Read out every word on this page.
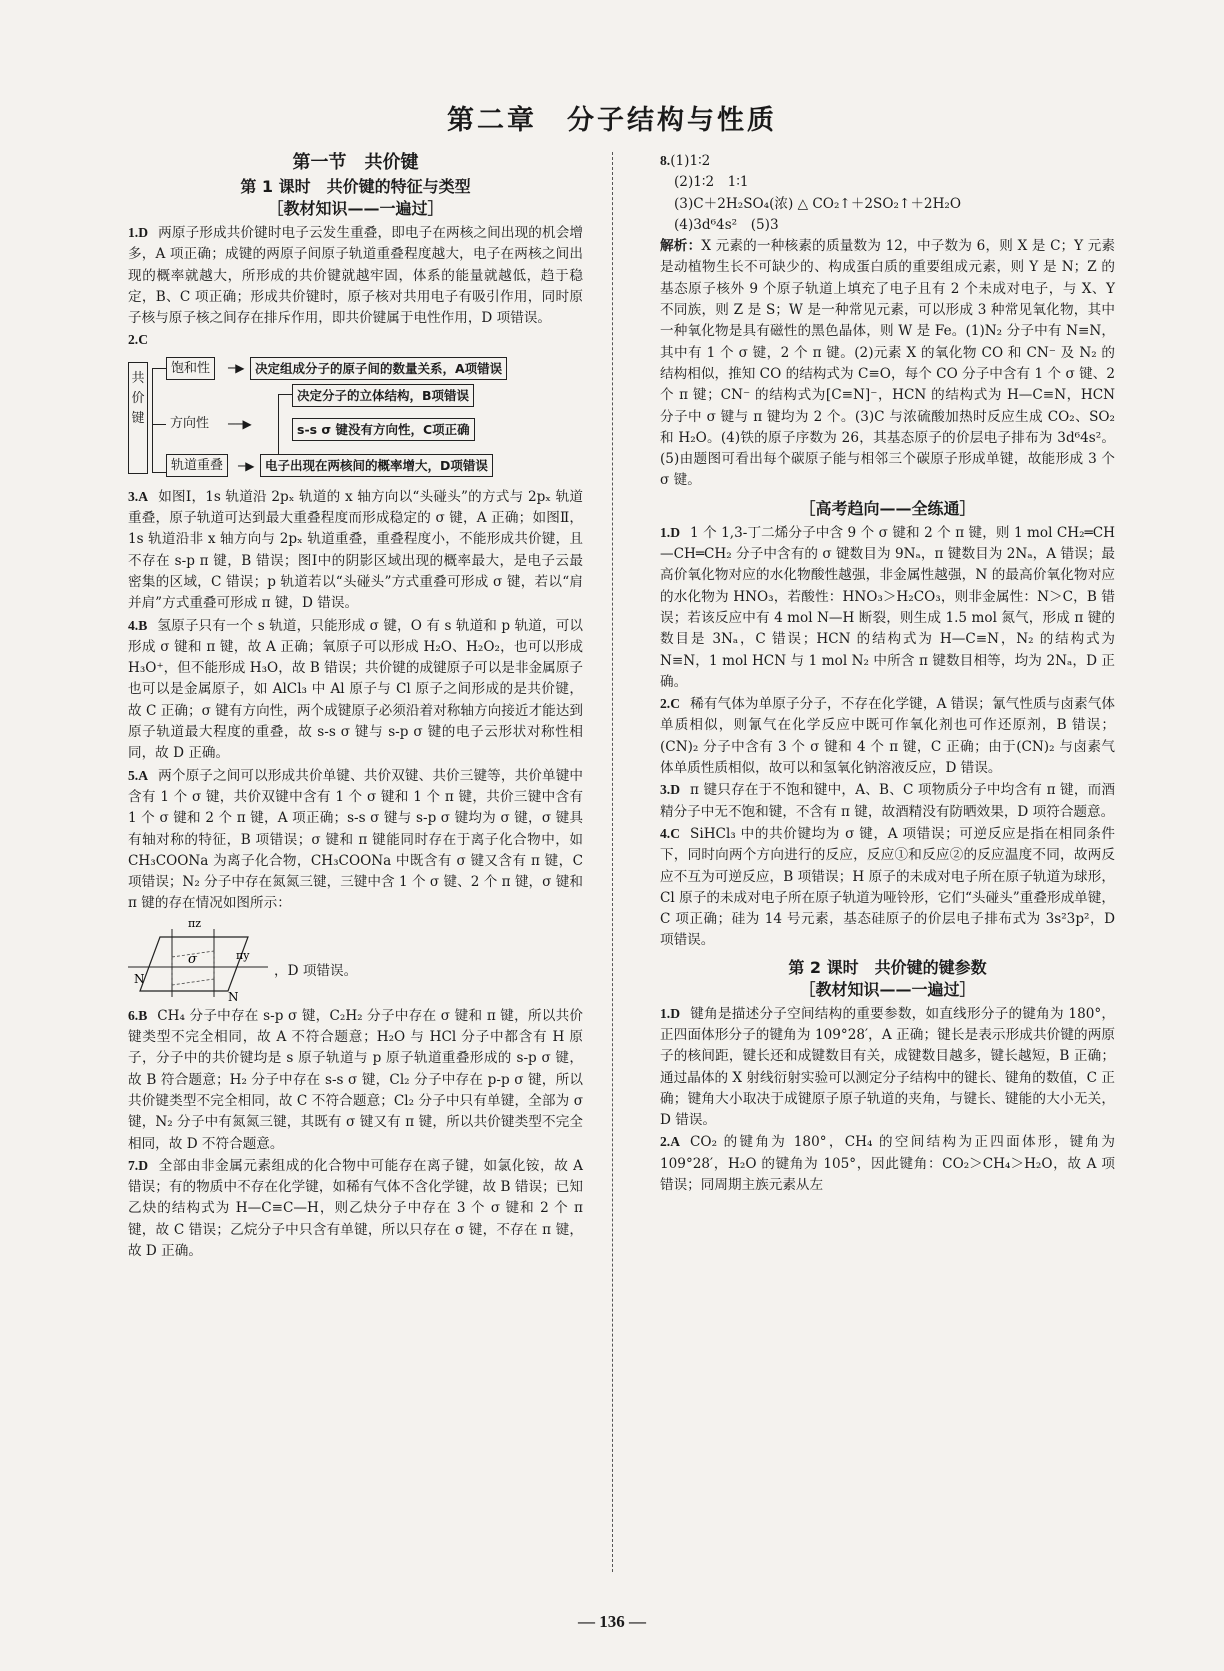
第二章　分子结构与性质
第一节　共价键
第 1 课时　共价键的特征与类型
［教材知识——一遍过］
1.D 两原子形成共价键时电子云发生重叠，即电子在两核之间出现的机会增多，A 项正确；成键的两原子间原子轨道重叠程度越大，电子在两核之间出现的概率就越大，所形成的共价键就越牢固，体系的能量就越低，趋于稳定，B、C 项正确；形成共价键时，原子核对共用电子有吸引作用，同时原子核与原子核之间存在排斥作用，即共价键属于电性作用，D 项错误。
2.C
共价键
饱和性	─▶ 决定组成分子的原子间的数量关系，A项错误
方向性	──▶
决定分子的立体结构，B项错误
s-s σ 键没有方向性，C项正确
轨道重叠	─▶ 电子出现在两核间的概率增大，D项错误
3.A 如图Ⅰ，1s 轨道沿 2pₓ 轨道的 x 轴方向以“头碰头”的方式与 2pₓ 轨道重叠，原子轨道可达到最大重叠程度而形成稳定的 σ 键，A 正确；如图Ⅱ，1s 轨道沿非 x 轴方向与 2pₓ 轨道重叠，重叠程度小，不能形成共价键，且不存在 s-p π 键，B 错误；图Ⅰ中的阴影区域出现的概率最大，是电子云最密集的区域，C 错误；p 轨道若以“头碰头”方式重叠可形成 σ 键，若以“肩并肩”方式重叠可形成 π 键，D 错误。
4.B 氢原子只有一个 s 轨道，只能形成 σ 键，O 有 s 轨道和 p 轨道，可以形成 σ 键和 π 键，故 A 正确；氧原子可以形成 H₂O、H₂O₂，也可以形成 H₃O⁺，但不能形成 H₃O，故 B 错误；共价键的成键原子可以是非金属原子也可以是金属原子，如 AlCl₃ 中 Al 原子与 Cl 原子之间形成的是共价键，故 C 正确；σ 键有方向性，两个成键原子必须沿着对称轴方向接近才能达到原子轨道最大程度的重叠，故 s-s σ 键与 s-p σ 键的电子云形状对称性相同，故 D 正确。
5.A 两个原子之间可以形成共价单键、共价双键、共价三键等，共价单键中含有 1 个 σ 键，共价双键中含有 1 个 σ 键和 1 个 π 键，共价三键中含有 1 个 σ 键和 2 个 π 键，A 项正确；s-s σ 键与 s-p σ 键均为 σ 键，σ 键具有轴对称的特征，B 项错误；σ 键和 π 键能同时存在于离子化合物中，如 CH₃COONa 为离子化合物，CH₃COONa 中既含有 σ 键又含有 π 键，C 项错误；N₂ 分子中存在氮氮三键，三键中含 1 个 σ 键、2 个 π 键，σ 键和 π 键的存在情况如图所示：
πz
σ	πy
N
N
，D 项错误。
6.B CH₄ 分子中存在 s-p σ 键，C₂H₂ 分子中存在 σ 键和 π 键，所以共价键类型不完全相同，故 A 不符合题意；H₂O 与 HCl 分子中都含有 H 原子，分子中的共价键均是 s 原子轨道与 p 原子轨道重叠形成的 s-p σ 键，故 B 符合题意；H₂ 分子中存在 s-s σ 键，Cl₂ 分子中存在 p-p σ 键，所以共价键类型不完全相同，故 C 不符合题意；Cl₂ 分子中只有单键，全部为 σ 键，N₂ 分子中有氮氮三键，其既有 σ 键又有 π 键，所以共价键类型不完全相同，故 D 不符合题意。
7.D 全部由非金属元素组成的化合物中可能存在离子键，如氯化铵，故 A 错误；有的物质中不存在化学键，如稀有气体不含化学键，故 B 错误；已知乙炔的结构式为 H—C≡C—H，则乙炔分子中存在 3 个 σ 键和 2 个 π 键，故 C 错误；乙烷分子中只含有单键，所以只存在 σ 键，不存在 π 键，故 D 正确。
8.(1)1∶2
(2)1∶2　1∶1
(3)C＋2H₂SO₄(浓) △ CO₂↑＋2SO₂↑＋2H₂O
(4)3d⁶4s²　(5)3
解析：X 元素的一种核素的质量数为 12，中子数为 6，则 X 是 C；Y 元素是动植物生长不可缺少的、构成蛋白质的重要组成元素，则 Y 是 N；Z 的基态原子核外 9 个原子轨道上填充了电子且有 2 个未成对电子，与 X、Y 不同族，则 Z 是 S；W 是一种常见元素，可以形成 3 种常见氧化物，其中一种氧化物是具有磁性的黑色晶体，则 W 是 Fe。(1)N₂ 分子中有 N≡N，其中有 1 个 σ 键，2 个 π 键。(2)元素 X 的氧化物 CO 和 CN⁻ 及 N₂ 的结构相似，推知 CO 的结构式为 C≡O，每个 CO 分子中含有 1 个 σ 键、2 个 π 键；CN⁻ 的结构式为[C≡N]⁻，HCN 的结构式为 H—C≡N，HCN 分子中 σ 键与 π 键均为 2 个。(3)C 与浓硫酸加热时反应生成 CO₂、SO₂ 和 H₂O。(4)铁的原子序数为 26，其基态原子的价层电子排布为 3d⁶4s²。(5)由题图可看出每个碳原子能与相邻三个碳原子形成单键，故能形成 3 个 σ 键。
［高考趋向——全练通］
1.D 1 个 1,3-丁二烯分子中含 9 个 σ 键和 2 个 π 键，则 1 mol CH₂═CH—CH═CH₂ 分子中含有的 σ 键数目为 9Nₐ，π 键数目为 2Nₐ，A 错误；最高价氧化物对应的水化物酸性越强，非金属性越强，N 的最高价氧化物对应的水化物为 HNO₃，若酸性：HNO₃＞H₂CO₃，则非金属性：N＞C，B 错误；若该反应中有 4 mol N—H 断裂，则生成 1.5 mol 氮气，形成 π 键的数目是 3Nₐ，C 错误；HCN 的结构式为 H—C≡N，N₂ 的结构式为 N≡N，1 mol HCN 与 1 mol N₂ 中所含 π 键数目相等，均为 2Nₐ，D 正确。
2.C 稀有气体为单原子分子，不存在化学键，A 错误；氰气性质与卤素气体单质相似，则氰气在化学反应中既可作氧化剂也可作还原剂，B 错误；(CN)₂ 分子中含有 3 个 σ 键和 4 个 π 键，C 正确；由于(CN)₂ 与卤素气体单质性质相似，故可以和氢氧化钠溶液反应，D 错误。
3.D π 键只存在于不饱和键中，A、B、C 项物质分子中均含有 π 键，而酒精分子中无不饱和键，不含有 π 键，故酒精没有防晒效果，D 项符合题意。
4.C SiHCl₃ 中的共价键均为 σ 键，A 项错误；可逆反应是指在相同条件下，同时向两个方向进行的反应，反应①和反应②的反应温度不同，故两反应不互为可逆反应，B 项错误；H 原子的未成对电子所在原子轨道为球形，Cl 原子的未成对电子所在原子轨道为哑铃形，它们“头碰头”重叠形成单键，C 项正确；硅为 14 号元素，基态硅原子的价层电子排布式为 3s²3p²，D 项错误。
第 2 课时　共价键的键参数
［教材知识——一遍过］
1.D 键角是描述分子空间结构的重要参数，如直线形分子的键角为 180°，正四面体形分子的键角为 109°28′，A 正确；键长是表示形成共价键的两原子的核间距，键长还和成键数目有关，成键数目越多，键长越短，B 正确；通过晶体的 X 射线衍射实验可以测定分子结构中的键长、键角的数值，C 正确；键角大小取决于成键原子原子轨道的夹角，与键长、键能的大小无关，D 错误。
2.A CO₂ 的键角为 180°，CH₄ 的空间结构为正四面体形，键角为 109°28′，H₂O 的键角为 105°，因此键角：CO₂＞CH₄＞H₂O，故 A 项错误；同周期主族元素从左
— 136 —
